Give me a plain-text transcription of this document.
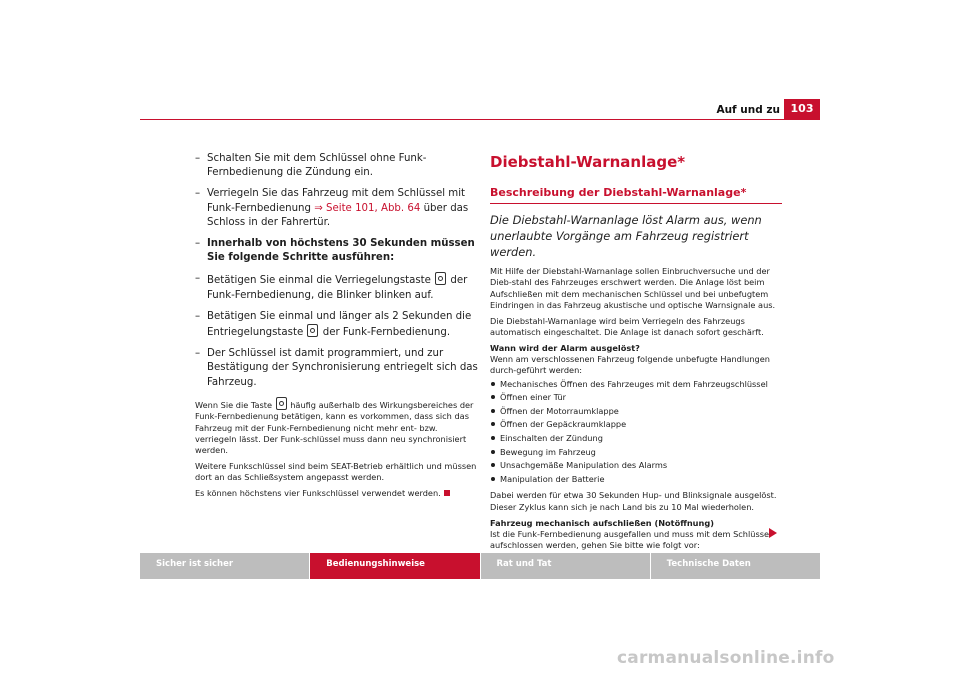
Auf und zu 103
– Schalten Sie mit dem Schlüssel ohne Funk-Fernbedienung die Zündung ein.
– Verriegeln Sie das Fahrzeug mit dem Schlüssel mit Funk-Fernbedienung ⇒ Seite 101, Abb. 64 über das Schloss in der Fahrertür.
– Innerhalb von höchstens 30 Sekunden müssen Sie folgende Schritte ausführen:
– Betätigen Sie einmal die Verriegelungstaste  der Funk-Fernbedienung, die Blinker blinken auf.
– Betätigen Sie einmal und länger als 2 Sekunden die Entriegelungstaste  der Funk-Fernbedienung.
– Der Schlüssel ist damit programmiert, und zur Bestätigung der Synchronisierung entriegelt sich das Fahrzeug.

Wenn Sie die Taste  häufig außerhalb des Wirkungsbereiches der Funk-Fernbedienung betätigen, kann es vorkommen, dass sich das Fahrzeug mit der Funk-Fernbedienung nicht mehr ent- bzw. verriegeln lässt. Der Funk-schlüssel muss dann neu synchronisiert werden.

Weitere Funkschlüssel sind beim SEAT-Betrieb erhältlich und müssen dort an das Schließsystem angepasst werden.

Es können höchstens vier Funkschlüssel verwendet werden.

Diebstahl-Warnanlage*
Beschreibung der Diebstahl-Warnanlage*
Die Diebstahl-Warnanlage löst Alarm aus, wenn unerlaubte Vorgänge am Fahrzeug registriert werden.

Mit Hilfe der Diebstahl-Warnanlage sollen Einbruchversuche und der Dieb-stahl des Fahrzeuges erschwert werden. Die Anlage löst beim Aufschließen mit dem mechanischen Schlüssel und bei unbefugtem Eindringen in das Fahrzeug akustische und optische Warnsignale aus.

Die Diebstahl-Warnanlage wird beim Verriegeln des Fahrzeugs automatisch eingeschaltet. Die Anlage ist danach sofort geschärft.

Wann wird der Alarm ausgelöst?

Wenn am verschlossenen Fahrzeug folgende unbefugte Handlungen durch-geführt werden:

Mechanisches Öffnen des Fahrzeuges mit dem Fahrzeugschlüssel
Öffnen einer Tür
Öffnen der Motorraumklappe
Öffnen der Gepäckraumklappe
Einschalten der Zündung
Bewegung im Fahrzeug
Unsachgemäße Manipulation des Alarms
Manipulation der Batterie

Dabei werden für etwa 30 Sekunden Hup- und Blinksignale ausgelöst. Dieser Zyklus kann sich je nach Land bis zu 10 Mal wiederholen.

Fahrzeug mechanisch aufschließen (Notöffnung)

Ist die Funk-Fernbedienung ausgefallen und muss mit dem Schlüssel aufschlossen werden, gehen Sie bitte wie folgt vor:

Sicher ist sicher	Bedienungshinweise	Rat und Tat	Technische Daten
carmanualsonline.info
